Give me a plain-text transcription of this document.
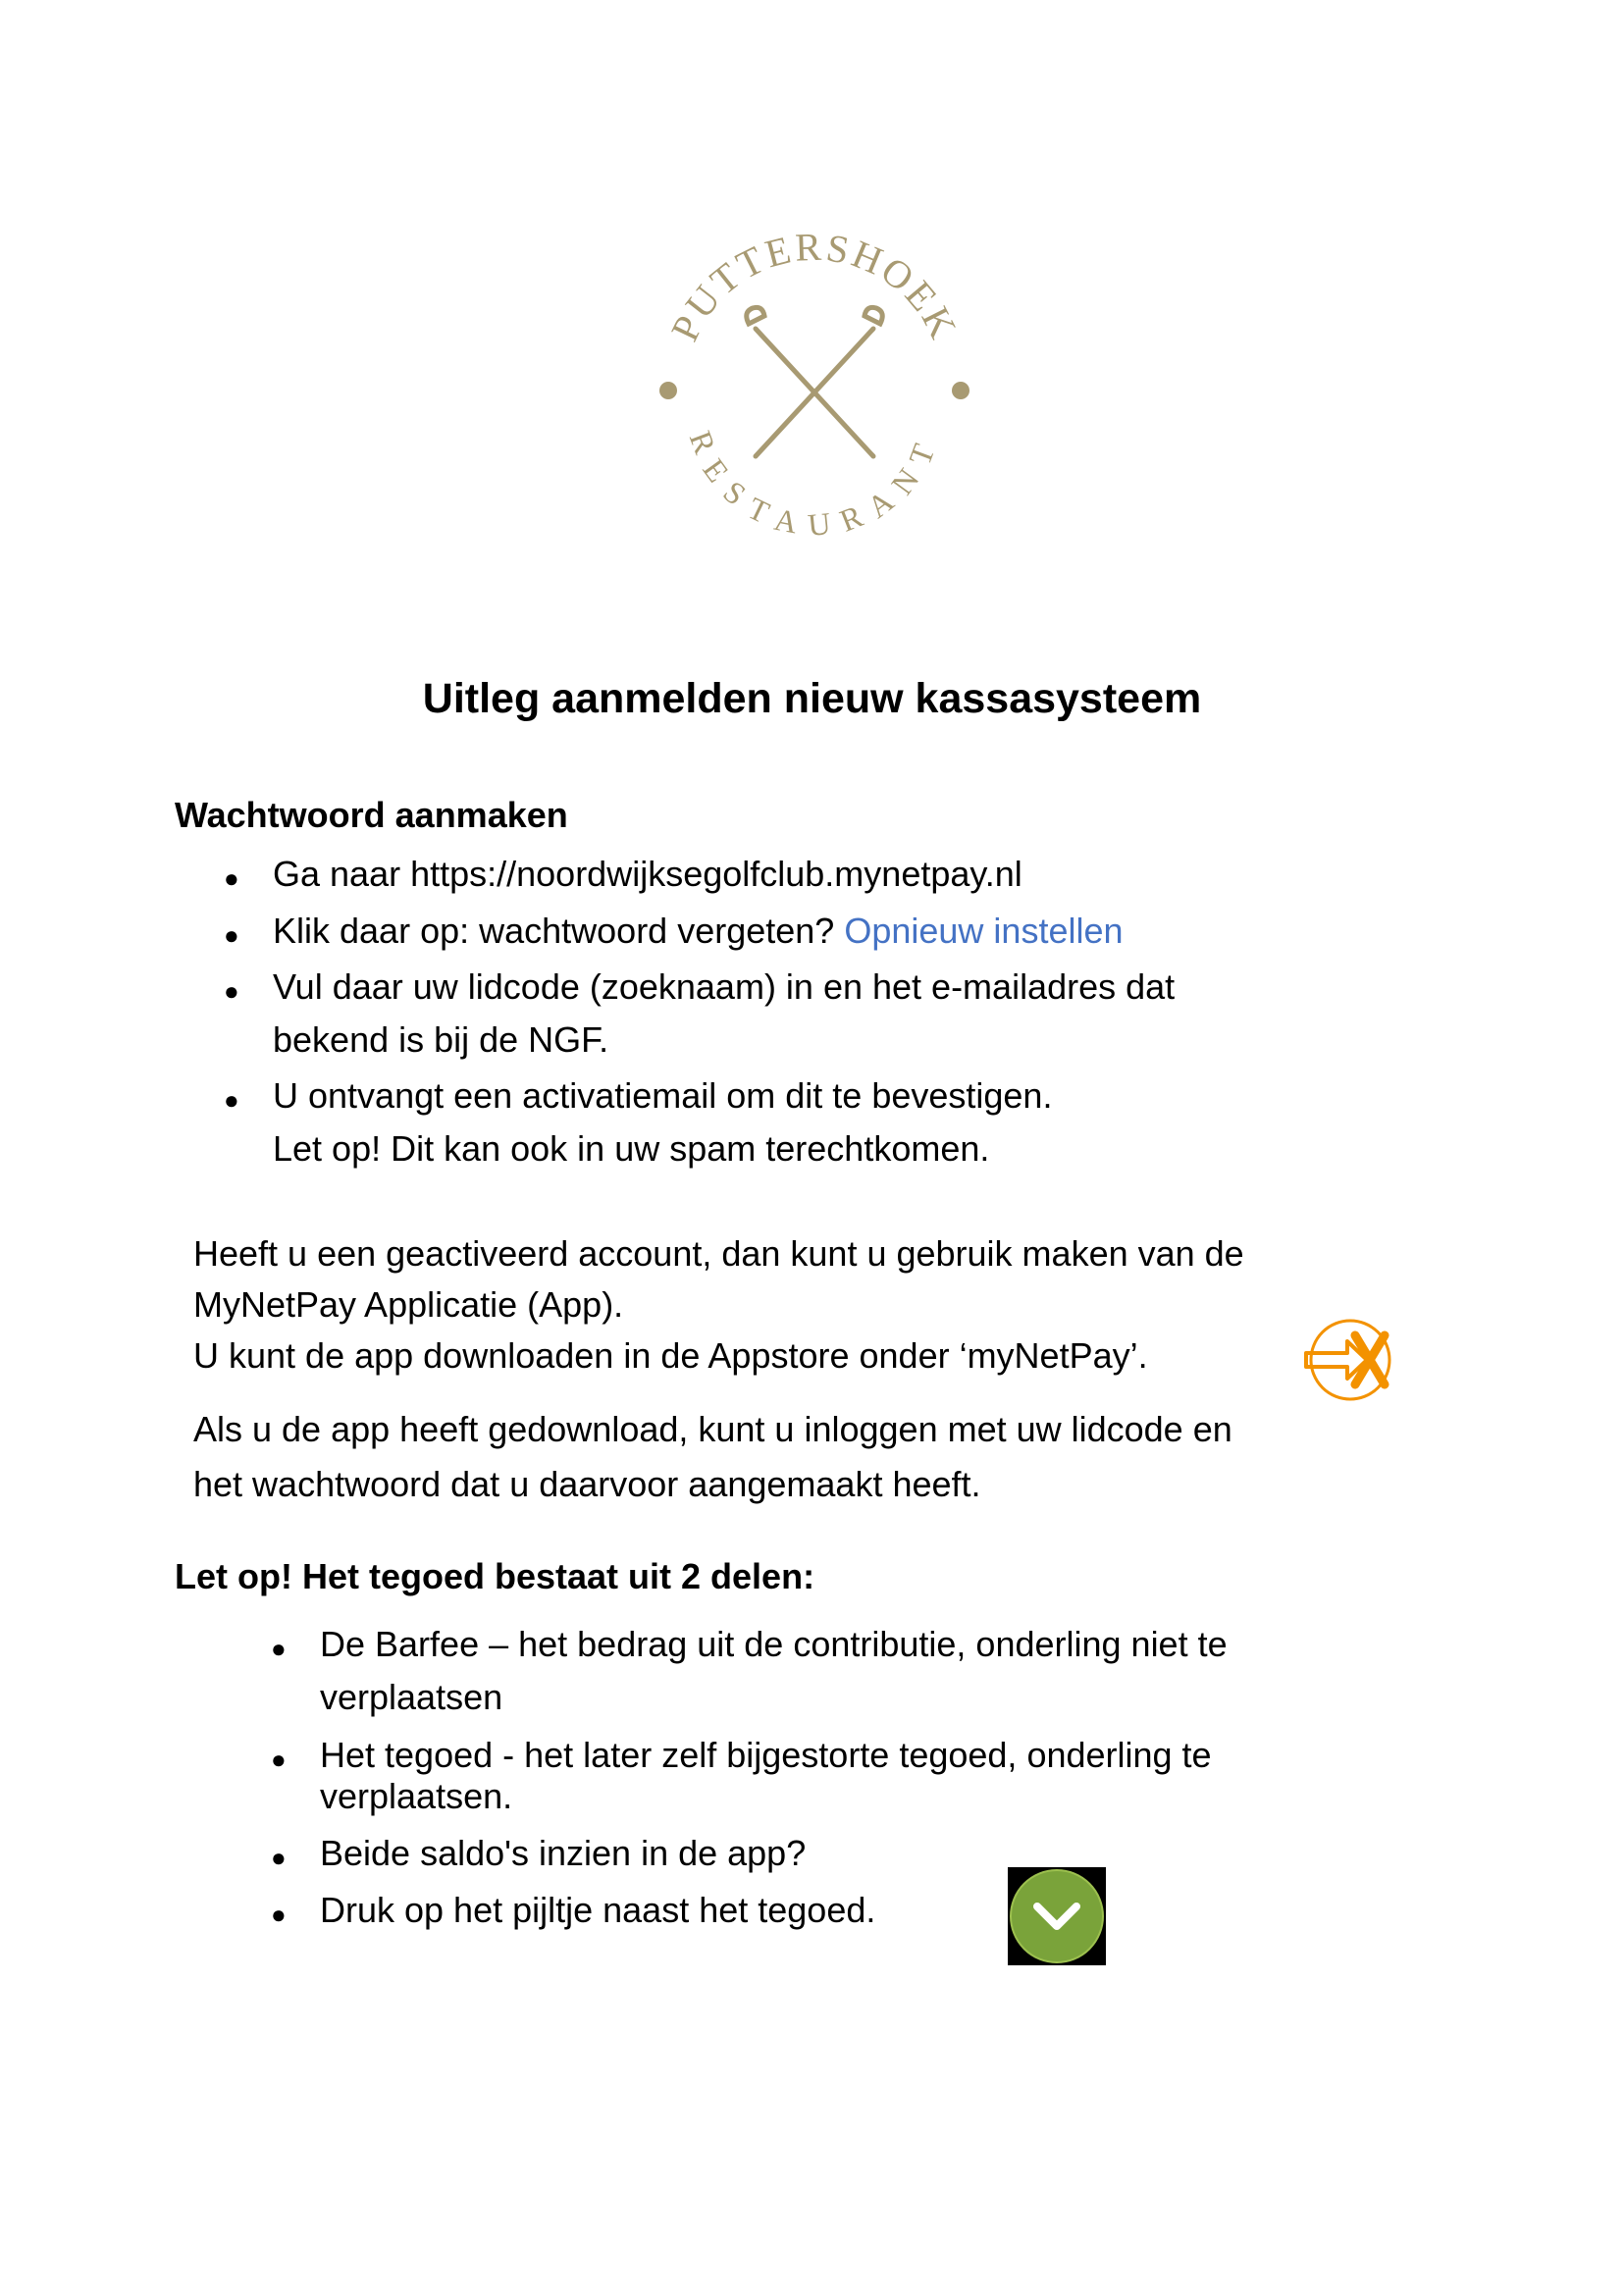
PUTTERSHOEK
RESTAURANT
Uitleg aanmelden nieuw kassasysteem
Wachtwoord aanmaken
● Ga naar https://noordwijksegolfclub.mynetpay.nl
● Klik daar op: wachtwoord vergeten? Opnieuw instellen
● Vul daar uw lidcode (zoeknaam) in en het e-mailadres dat
bekend is bij de NGF.
● U ontvangt een activatiemail om dit te bevestigen.
Let op! Dit kan ook in uw spam terechtkomen.
Heeft u een geactiveerd account, dan kunt u gebruik maken van de
MyNetPay Applicatie (App).
U kunt de app downloaden in de Appstore onder ‘myNetPay’.
Als u de app heeft gedownload, kunt u inloggen met uw lidcode en
het wachtwoord dat u daarvoor aangemaakt heeft.
Let op! Het tegoed bestaat uit 2 delen:
● De Barfee – het bedrag uit de contributie, onderling niet te
verplaatsen
● Het tegoed - het later zelf bijgestorte tegoed, onderling te
verplaatsen.
● Beide saldo's inzien in de app?
● Druk op het pijltje naast het tegoed.
